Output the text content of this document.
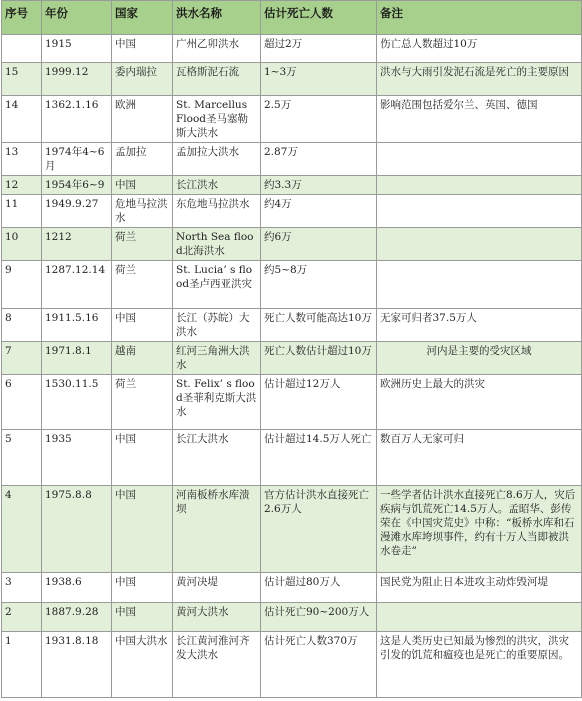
序号	年份	国家	洪水名称	估计死亡人数	备注
	1915	中国	广州乙卯洪水	超过2万	伤亡总人数超过10万
15	1999.12	委内瑞拉	瓦格斯泥石流	1~3万	洪水与大雨引发泥石流是死亡的主要原因
14	1362.1.16	欧洲	St. Marcellus Flood圣马塞勒斯大洪水	2.5万	影响范围包括爱尔兰、英国、德国
13	1974年4~6月	孟加拉	孟加拉大洪水	2.87万	
12	1954年6~9	中国	长江洪水	约3.3万	
11	1949.9.27	危地马拉洪水	东危地马拉洪水	约4万	
10	1212	荷兰	North Sea flood北海洪水	约6万	
9	1287.12.14	荷兰	St. Lucia’ s flood圣卢西亚洪灾	约5~8万	
8	1911.5.16	中国	长江（苏皖）大洪水	死亡人数可能高达10万	无家可归者37.5万人
7	1971.8.1	越南	红河三角洲大洪水	死亡人数估计超过10万	河内是主要的受灾区域
6	1530.11.5	荷兰	St. Felix’ s flood圣菲利克斯大洪水	估计超过12万人	欧洲历史上最大的洪灾
5	1935	中国	长江大洪水	估计超过14.5万人死亡	数百万人无家可归
4	1975.8.8	中国	河南板桥水库溃坝	官方估计洪水直接死亡2.6万人	一些学者估计洪水直接死亡8.6万人，灾后疾病与饥荒死亡14.5万人。孟昭华、彭传荣在《中国灾荒史》中称：“板桥水库和石漫滩水库垮坝事件，约有十万人当即被洪水卷走”
3	1938.6	中国	黄河决堤	估计超过80万人	国民党为阻止日本进攻主动炸毁河堤
2	1887.9.28	中国	黄河大洪水	估计死亡90~200万人	
1	1931.8.18	中国大洪水	长江黄河淮河齐发大洪水	估计死亡人数370万	这是人类历史已知最为惨烈的洪灾，洪灾引发的饥荒和瘟疫也是死亡的重要原因。
